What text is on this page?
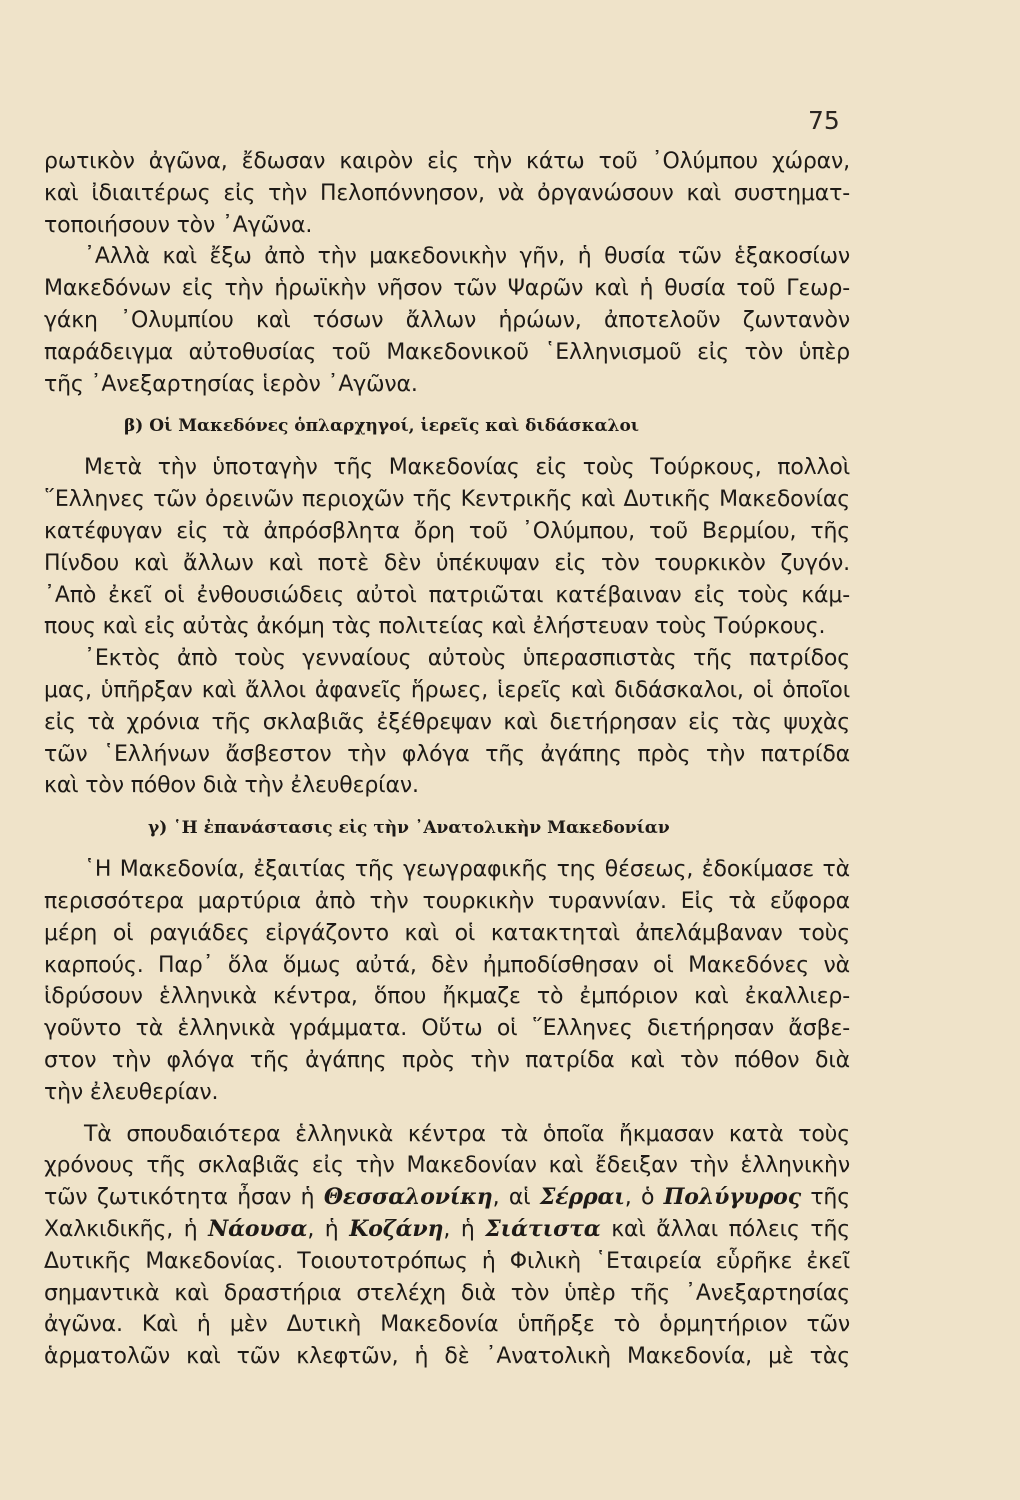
75
ρωτικὸν ἀγῶνα, ἔδωσαν καιρὸν εἰς τὴν κάτω τοῦ ᾿Ολύμπου χώραν,
καὶ ἰδιαιτέρως εἰς τὴν Πελοπόννησον, νὰ ὀργανώσουν καὶ συστηματ-
τοποιήσουν τὸν ᾿Αγῶνα.
᾿Αλλὰ καὶ ἔξω ἀπὸ τὴν μακεδονικὴν γῆν, ἡ θυσία τῶν ἑξακοσίων
Μακεδόνων εἰς τὴν ἡρωϊκὴν νῆσον τῶν Ψαρῶν καὶ ἡ θυσία τοῦ Γεωρ-
γάκη ᾿Ολυμπίου καὶ τόσων ἄλλων ἡρώων, ἀποτελοῦν ζωντανὸν
παράδειγμα αὐτοθυσίας τοῦ Μακεδονικοῦ ῾Ελληνισμοῦ εἰς τὸν ὑπὲρ
τῆς ᾿Ανεξαρτησίας ἱερὸν ᾿Αγῶνα.
β) Οἱ Μακεδόνες ὁπλαρχηγοί, ἱερεῖς καὶ διδάσκαλοι
Μετὰ τὴν ὑποταγὴν τῆς Μακεδονίας εἰς τοὺς Τούρκους, πολλοὶ
῞Ελληνες τῶν ὀρεινῶν περιοχῶν τῆς Κεντρικῆς καὶ Δυτικῆς Μακεδονίας
κατέφυγαν εἰς τὰ ἀπρόσβλητα ὄρη τοῦ ᾿Ολύμπου, τοῦ Βερμίου, τῆς
Πίνδου καὶ ἄλλων καὶ ποτὲ δὲν ὑπέκυψαν εἰς τὸν τουρκικὸν ζυγόν.
᾿Απὸ ἐκεῖ οἱ ἐνθουσιώδεις αὐτοὶ πατριῶται κατέβαιναν εἰς τοὺς κάμ-
πους καὶ εἰς αὐτὰς ἀκόμη τὰς πολιτείας καὶ ἐλήστευαν τοὺς Τούρκους.
᾿Εκτὸς ἀπὸ τοὺς γενναίους αὐτοὺς ὑπερασπιστὰς τῆς πατρίδος
μας, ὑπῆρξαν καὶ ἄλλοι ἀφανεῖς ἥρωες, ἱερεῖς καὶ διδάσκαλοι, οἱ ὁποῖοι
εἰς τὰ χρόνια τῆς σκλαβιᾶς ἐξέθρεψαν καὶ διετήρησαν εἰς τὰς ψυχὰς
τῶν ῾Ελλήνων ἄσβεστον τὴν φλόγα τῆς ἀγάπης πρὸς τὴν πατρίδα
καὶ τὸν πόθον διὰ τὴν ἐλευθερίαν.
γ) ῾Η ἐπανάστασις εἰς τὴν ᾿Ανατολικὴν Μακεδονίαν
῾Η Μακεδονία, ἐξαιτίας τῆς γεωγραφικῆς της θέσεως, ἐδοκίμασε τὰ
περισσότερα μαρτύρια ἀπὸ τὴν τουρκικὴν τυραννίαν. Εἰς τὰ εὔφορα
μέρη οἱ ραγιάδες εἰργάζοντο καὶ οἱ κατακτηταὶ ἀπελάμβαναν τοὺς
καρπούς. Παρ᾿ ὅλα ὅμως αὐτά, δὲν ἠμποδίσθησαν οἱ Μακεδόνες νὰ
ἱδρύσουν ἑλληνικὰ κέντρα, ὅπου ἤκμαζε τὸ ἐμπόριον καὶ ἐκαλλιερ-
γοῦντο τὰ ἑλληνικὰ γράμματα. Οὕτω οἱ ῞Ελληνες διετήρησαν ἄσβε-
στον τὴν φλόγα τῆς ἀγάπης πρὸς τὴν πατρίδα καὶ τὸν πόθον διὰ
τὴν ἐλευθερίαν.
Τὰ σπουδαιότερα ἑλληνικὰ κέντρα τὰ ὁποῖα ἤκμασαν κατὰ τοὺς
χρόνους τῆς σκλαβιᾶς εἰς τὴν Μακεδονίαν καὶ ἔδειξαν τὴν ἑλληνικὴν
τῶν ζωτικότητα ἦσαν ἡ Θεσσαλονίκη, αἱ Σέρραι, ὁ Πολύγυρος τῆς
Χαλκιδικῆς, ἡ Νάουσα, ἡ Κοζάνη, ἡ Σιάτιστα καὶ ἄλλαι πόλεις τῆς
Δυτικῆς Μακεδονίας. Τοιουτοτρόπως ἡ Φιλικὴ ῾Εταιρεία εὗρῆκε ἐκεῖ
σημαντικὰ καὶ δραστήρια στελέχη διὰ τὸν ὑπὲρ τῆς ᾿Ανεξαρτησίας
ἀγῶνα. Καὶ ἡ μὲν Δυτικὴ Μακεδονία ὑπῆρξε τὸ ὁρμητήριον τῶν
ἁρματολῶν καὶ τῶν κλεφτῶν, ἡ δὲ ᾿Ανατολικὴ Μακεδονία, μὲ τὰς
